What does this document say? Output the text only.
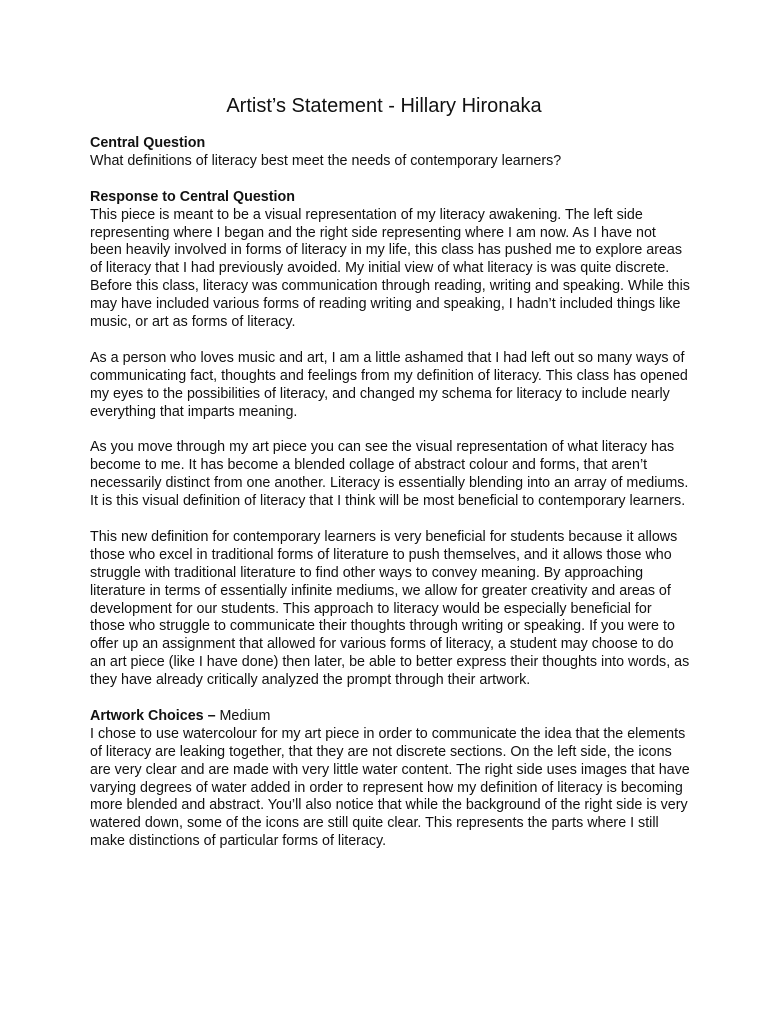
Artist’s Statement - Hillary Hironaka

Central Question

What definitions of literacy best meet the needs of contemporary learners?

Response to Central Question

This piece is meant to be a visual representation of my literacy awakening. The left side representing where I began and the right side representing where I am now. As I have not been heavily involved in forms of literacy in my life, this class has pushed me to explore areas of literacy that I had previously avoided. My initial view of what literacy is was quite discrete. Before this class, literacy was communication through reading, writing and speaking. While this may have included various forms of reading writing and speaking, I hadn’t included things like music, or art as forms of literacy.

As a person who loves music and art, I am a little ashamed that I had left out so many ways of communicating fact, thoughts and feelings from my definition of literacy. This class has opened my eyes to the possibilities of literacy, and changed my schema for literacy to include nearly everything that imparts meaning.

As you move through my art piece you can see the visual representation of what literacy has become to me. It has become a blended collage of abstract colour and forms, that aren’t necessarily distinct from one another. Literacy is essentially blending into an array of mediums. It is this visual definition of literacy that I think will be most beneficial to contemporary learners.

This new definition for contemporary learners is very beneficial for students because it allows those who excel in traditional forms of literature to push themselves, and it allows those who struggle with traditional literature to find other ways to convey meaning. By approaching literature in terms of essentially infinite mediums, we allow for greater creativity and areas of development for our students. This approach to literacy would be especially beneficial for those who struggle to communicate their thoughts through writing or speaking. If you were to offer up an assignment that allowed for various forms of literacy, a student may choose to do an art piece (like I have done) then later, be able to better express their thoughts into words, as they have already critically analyzed the prompt through their artwork.

Artwork Choices – Medium

I chose to use watercolour for my art piece in order to communicate the idea that the elements of literacy are leaking together, that they are not discrete sections. On the left side, the icons are very clear and are made with very little water content. The right side uses images that have varying degrees of water added in order to represent how my definition of literacy is becoming more blended and abstract. You’ll also notice that while the background of the right side is very watered down, some of the icons are still quite clear. This represents the parts where I still make distinctions of particular forms of literacy.
